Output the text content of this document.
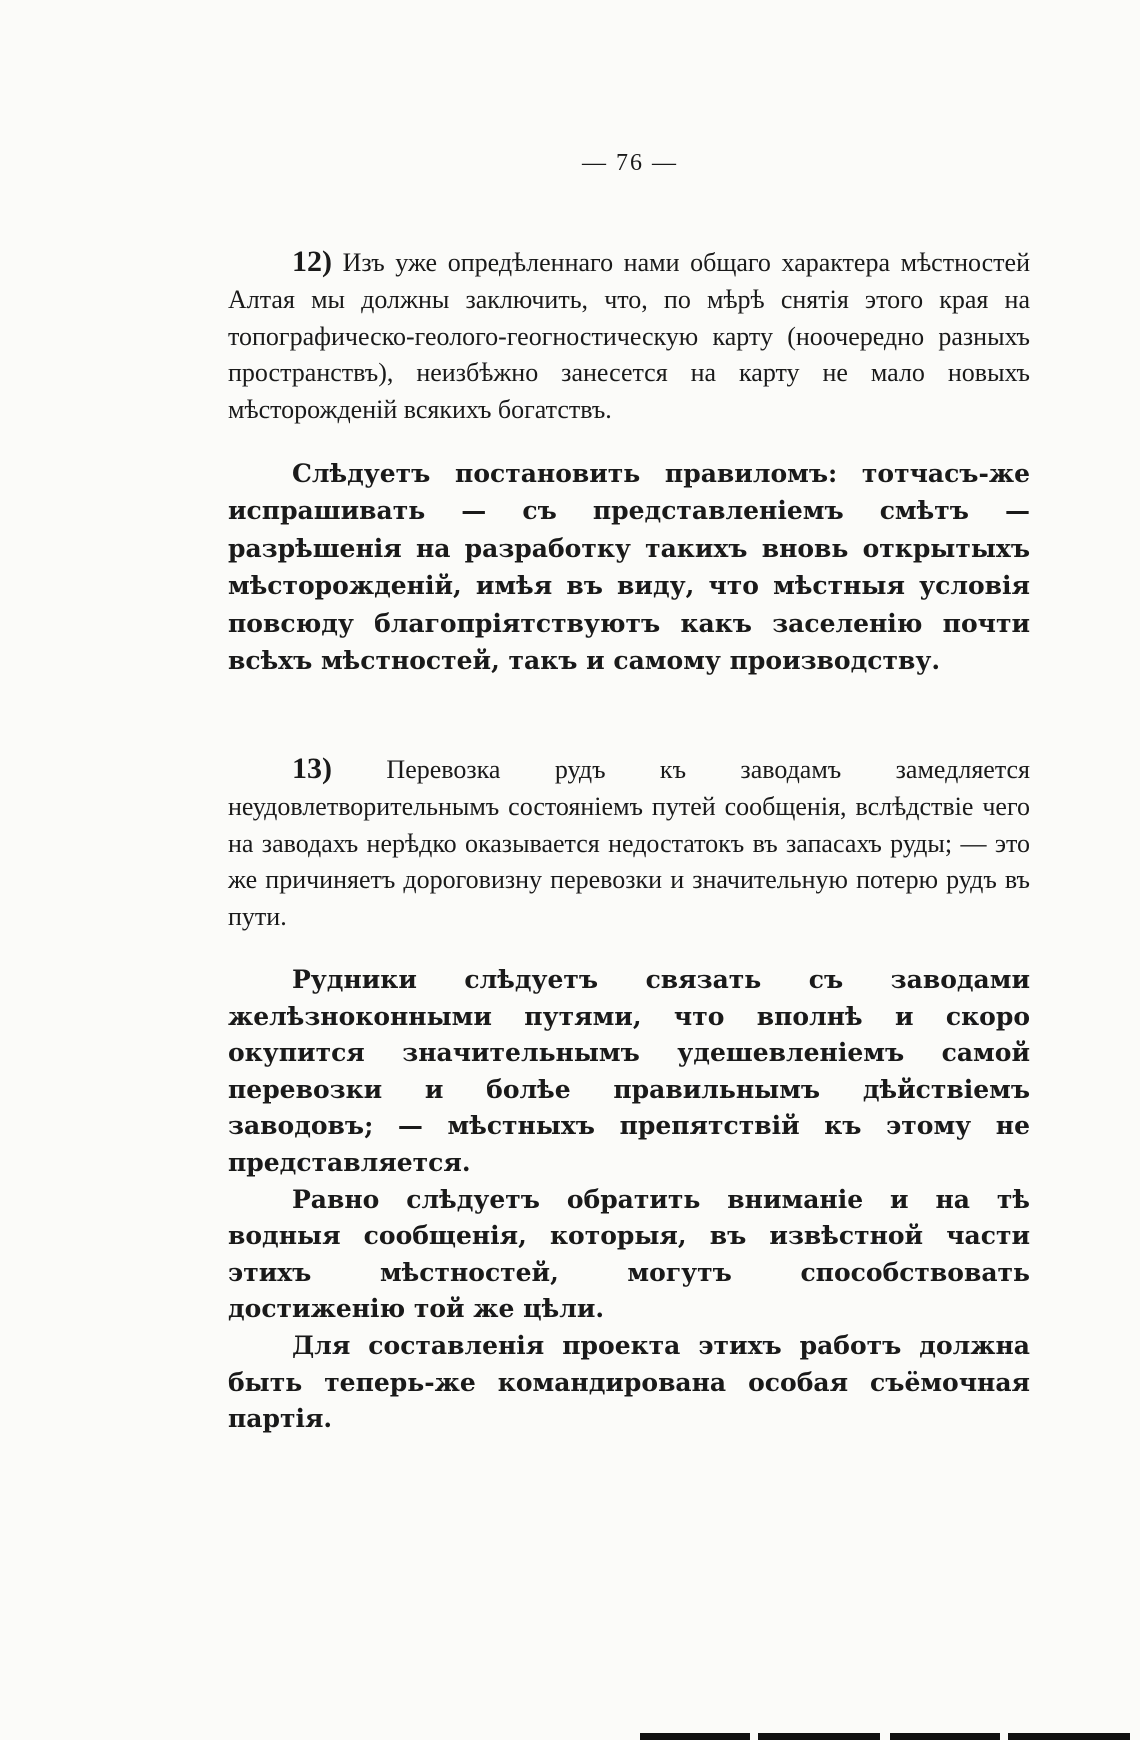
— 76 —

12) Изъ уже опредѣленнаго нами общаго характера мѣстностей Алтая мы должны заключить, что, по мѣрѣ снятія этого края на топографическо-геолого-геогностическую карту (ноочередно разныхъ пространствъ), неизбѣжно занесется на карту не мало новыхъ мѣсторожденій всякихъ богатствъ.

Слѣдуетъ постановить правиломъ: тотчасъ-же испрашивать — съ представленіемъ смѣтъ — разрѣшенія на разработку такихъ вновь открытыхъ мѣсторожденій, имѣя въ виду, что мѣстныя условія повсюду благопріятствуютъ какъ заселенію почти всѣхъ мѣстностей, такъ и самому производству.

13) Перевозка рудъ къ заводамъ замедляется неудовлетворительнымъ состояніемъ путей сообщенія, вслѣдствіе чего на заводахъ нерѣдко оказывается недостатокъ въ запасахъ руды; — это же причиняетъ дороговизну перевозки и значительную потерю рудъ въ пути.

Рудники слѣдуетъ связать съ заводами желѣзноконными путями, что вполнѣ и скоро окупится значительнымъ удешевленіемъ самой перевозки и болѣе правильнымъ дѣйствіемъ заводовъ; — мѣстныхъ препятствій къ этому не представляется.

Равно слѣдуетъ обратить вниманіе и на тѣ водныя сообщенія, которыя, въ извѣстной части этихъ мѣстностей, могутъ способствовать достиженію той же цѣли.

Для составленія проекта этихъ работъ должна быть теперь-же командирована особая съёмочная партія.
